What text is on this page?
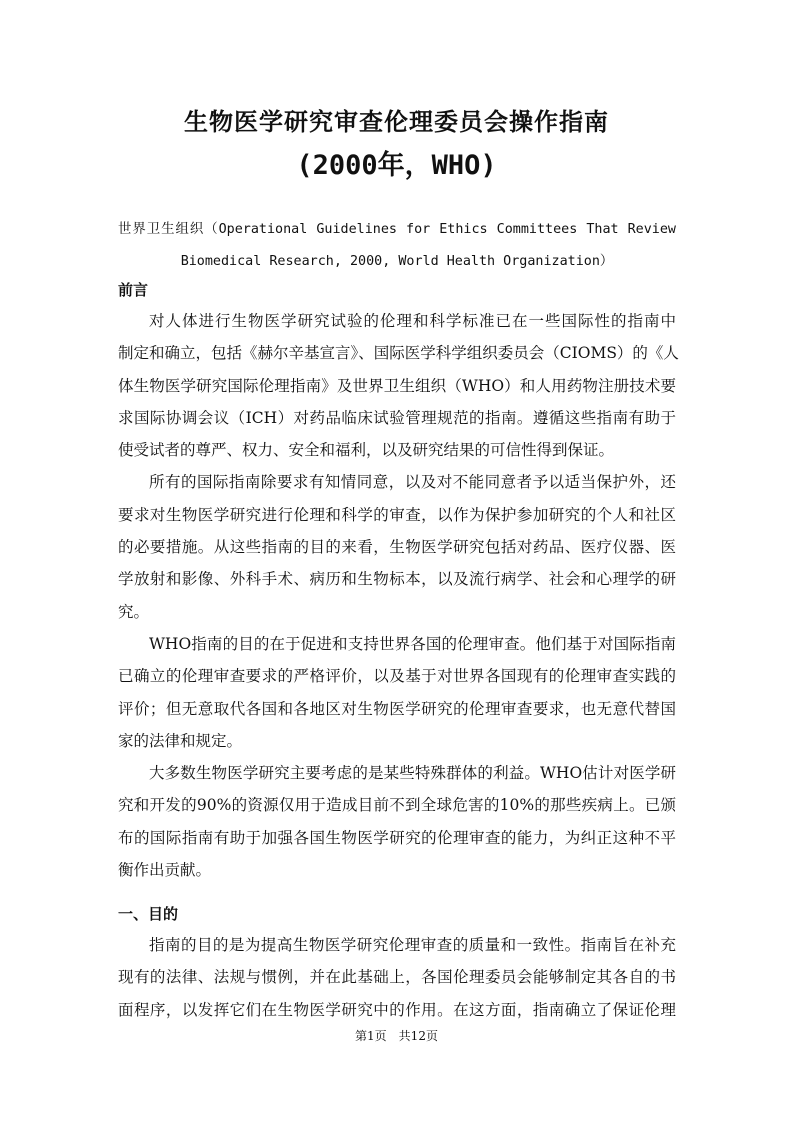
生物医学研究审查伦理委员会操作指南
(2000年，WHO)
世界卫生组织（Operational Guidelines for Ethics Committees That Review
Biomedical Research, 2000, World Health Organization）
前言
对人体进行生物医学研究试验的伦理和科学标准已在一些国际性的指南中
制定和确立，包括《赫尔辛基宣言》、国际医学科学组织委员会（CIOMS）的《人
体生物医学研究国际伦理指南》及世界卫生组织（WHO）和人用药物注册技术要
求国际协调会议（ICH）对药品临床试验管理规范的指南。遵循这些指南有助于
使受试者的尊严、权力、安全和福利，以及研究结果的可信性得到保证。
所有的国际指南除要求有知情同意，以及对不能同意者予以适当保护外，还
要求对生物医学研究进行伦理和科学的审查，以作为保护参加研究的个人和社区
的必要措施。从这些指南的目的来看，生物医学研究包括对药品、医疗仪器、医
学放射和影像、外科手术、病历和生物标本，以及流行病学、社会和心理学的研
究。
WHO指南的目的在于促进和支持世界各国的伦理审查。他们基于对国际指南
已确立的伦理审查要求的严格评价，以及基于对世界各国现有的伦理审查实践的
评价；但无意取代各国和各地区对生物医学研究的伦理审查要求，也无意代替国
家的法律和规定。
大多数生物医学研究主要考虑的是某些特殊群体的利益。WHO估计对医学研
究和开发的90%的资源仅用于造成目前不到全球危害的10%的那些疾病上。已颁
布的国际指南有助于加强各国生物医学研究的伦理审查的能力，为纠正这种不平
衡作出贡献。
一、目的
指南的目的是为提高生物医学研究伦理审查的质量和一致性。指南旨在补充
现有的法律、法规与惯例，并在此基础上，各国伦理委员会能够制定其各自的书
面程序，以发挥它们在生物医学研究中的作用。在这方面，指南确立了保证伦理
第1页　共12页
